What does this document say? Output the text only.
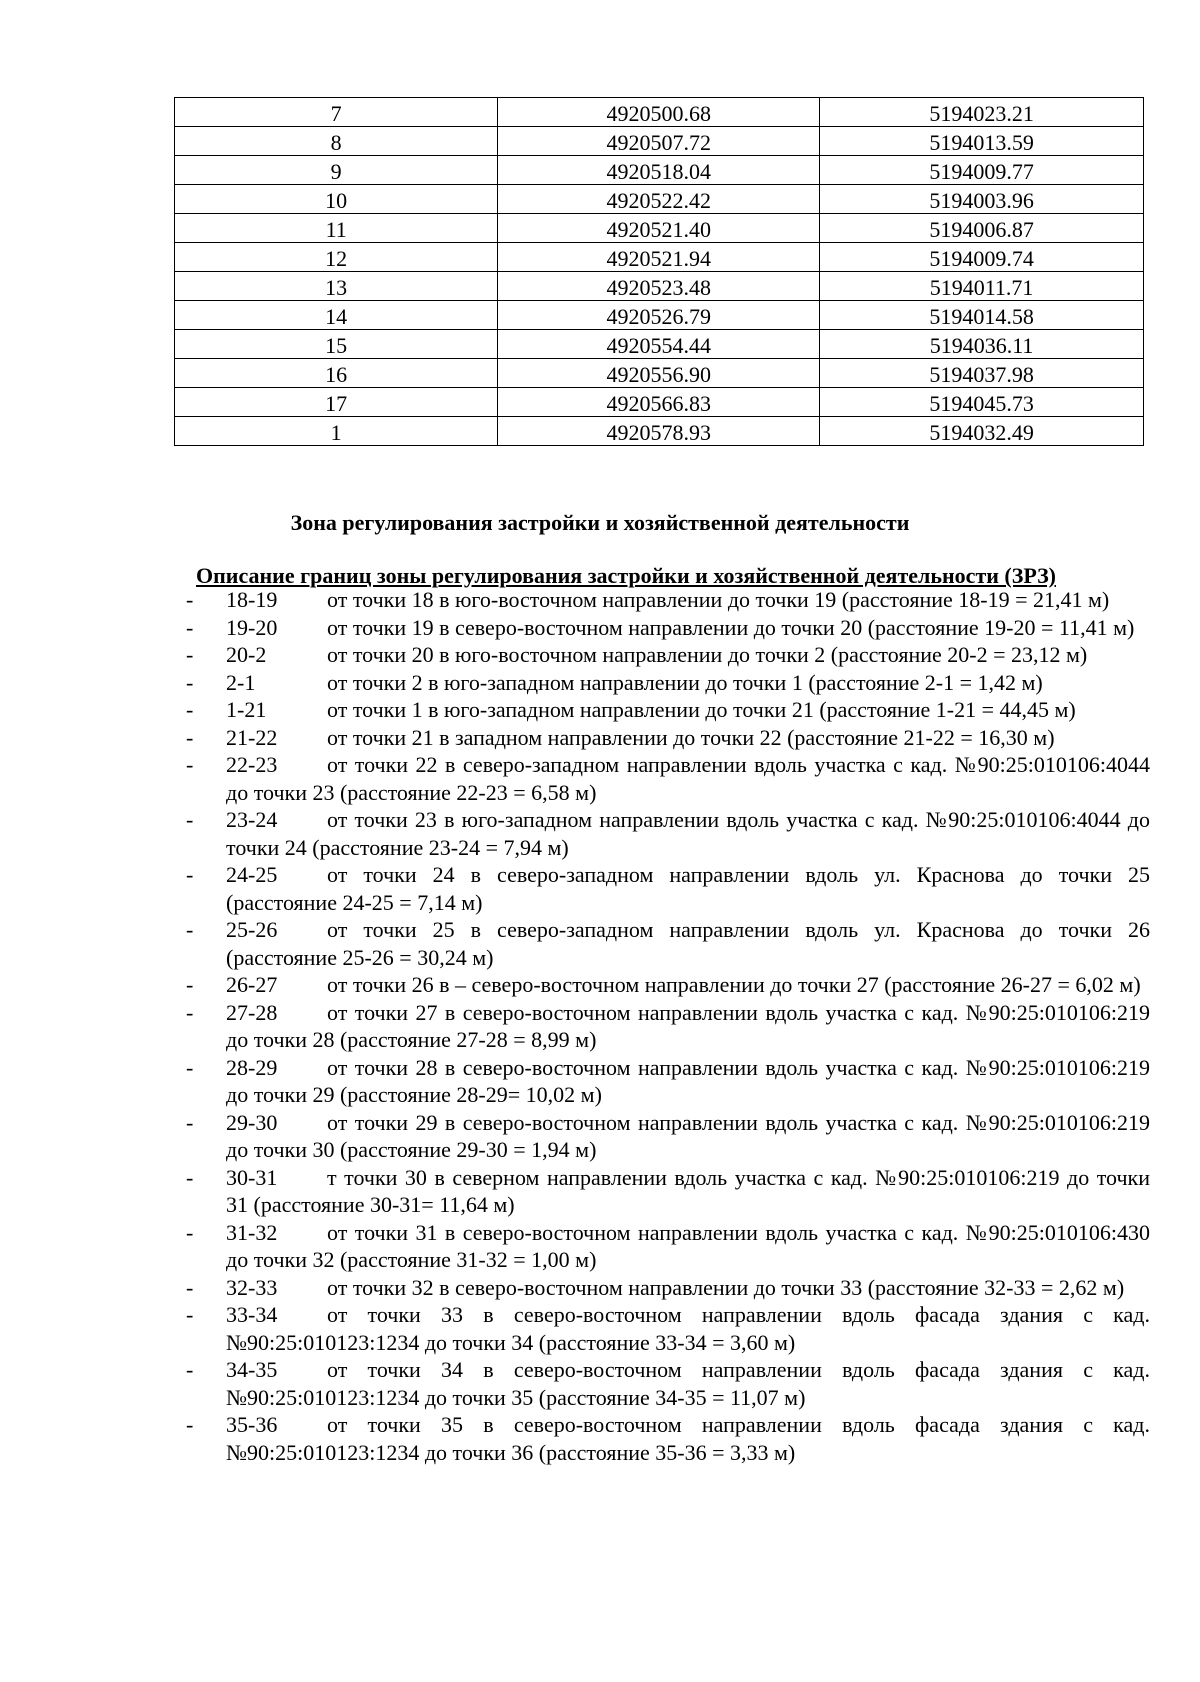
7	4920500.68	5194023.21
8	4920507.72	5194013.59
9	4920518.04	5194009.77
10	4920522.42	5194003.96
11	4920521.40	5194006.87
12	4920521.94	5194009.74
13	4920523.48	5194011.71
14	4920526.79	5194014.58
15	4920554.44	5194036.11
16	4920556.90	5194037.98
17	4920566.83	5194045.73
1	4920578.93	5194032.49
Зона регулирования застройки и хозяйственной деятельности
Описание границ зоны регулирования застройки и хозяйственной деятельности (ЗРЗ)
- 18-19 от точки 18 в юго-восточном направлении до точки 19 (расстояние 18-19 = 21,41 м)
- 19-20 от точки 19 в северо-восточном направлении до точки 20 (расстояние 19-20 = 11,41 м)
- 20-2	от точки 20 в юго-восточном направлении до точки 2 (расстояние 20-2 = 23,12 м)
- 2-1	от точки 2 в юго-западном направлении до точки 1 (расстояние 2-1 = 1,42 м)
- 1-21	от точки 1 в юго-западном направлении до точки 21 (расстояние 1-21 = 44,45 м)
- 21-22 от точки 21 в западном направлении до точки 22 (расстояние 21-22 = 16,30 м)
- 22-23 от точки 22 в северо-западном направлении вдоль участка с кад. №90:25:010106:4044 до точки 23 (расстояние 22-23 = 6,58 м)
- 23-24 от точки 23 в юго-западном направлении вдоль участка с кад. №90:25:010106:4044 до точки 24 (расстояние 23-24 = 7,94 м)
- 24-25 от точки 24 в северо-западном направлении вдоль ул. Краснова до точки 25 (расстояние 24-25 = 7,14 м)
- 25-26 от точки 25 в северо-западном направлении вдоль ул. Краснова до точки 26 (расстояние 25-26 = 30,24 м)
- 26-27 от точки 26 в – северо-восточном направлении до точки 27 (расстояние 26-27 = 6,02 м)
- 27-28 от точки 27 в северо-восточном направлении вдоль участка с кад. №90:25:010106:219 до точки 28 (расстояние 27-28 = 8,99 м)
- 28-29 от точки 28 в северо-восточном направлении вдоль участка с кад. №90:25:010106:219 до точки 29 (расстояние 28-29= 10,02 м)
- 29-30 от точки 29 в северо-восточном направлении вдоль участка с кад. №90:25:010106:219 до точки 30 (расстояние 29-30 = 1,94 м)
- 30-31 т точки 30 в северном направлении вдоль участка с кад. №90:25:010106:219 до точки 31 (расстояние 30-31= 11,64 м)
- 31-32 от точки 31 в северо-восточном направлении вдоль участка с кад. №90:25:010106:430 до точки 32 (расстояние 31-32 = 1,00 м)
- 32-33 от точки 32 в северо-восточном направлении до точки 33 (расстояние 32-33 = 2,62 м)
- 33-34 от точки 33 в северо-восточном направлении вдоль фасада здания с кад. №90:25:010123:1234 до точки 34 (расстояние 33-34 = 3,60 м)
- 34-35 от точки 34 в северо-восточном направлении вдоль фасада здания с кад. №90:25:010123:1234 до точки 35 (расстояние 34-35 = 11,07 м)
- 35-36 от точки 35 в северо-восточном направлении вдоль фасада здания с кад. №90:25:010123:1234 до точки 36 (расстояние 35-36 = 3,33 м)
